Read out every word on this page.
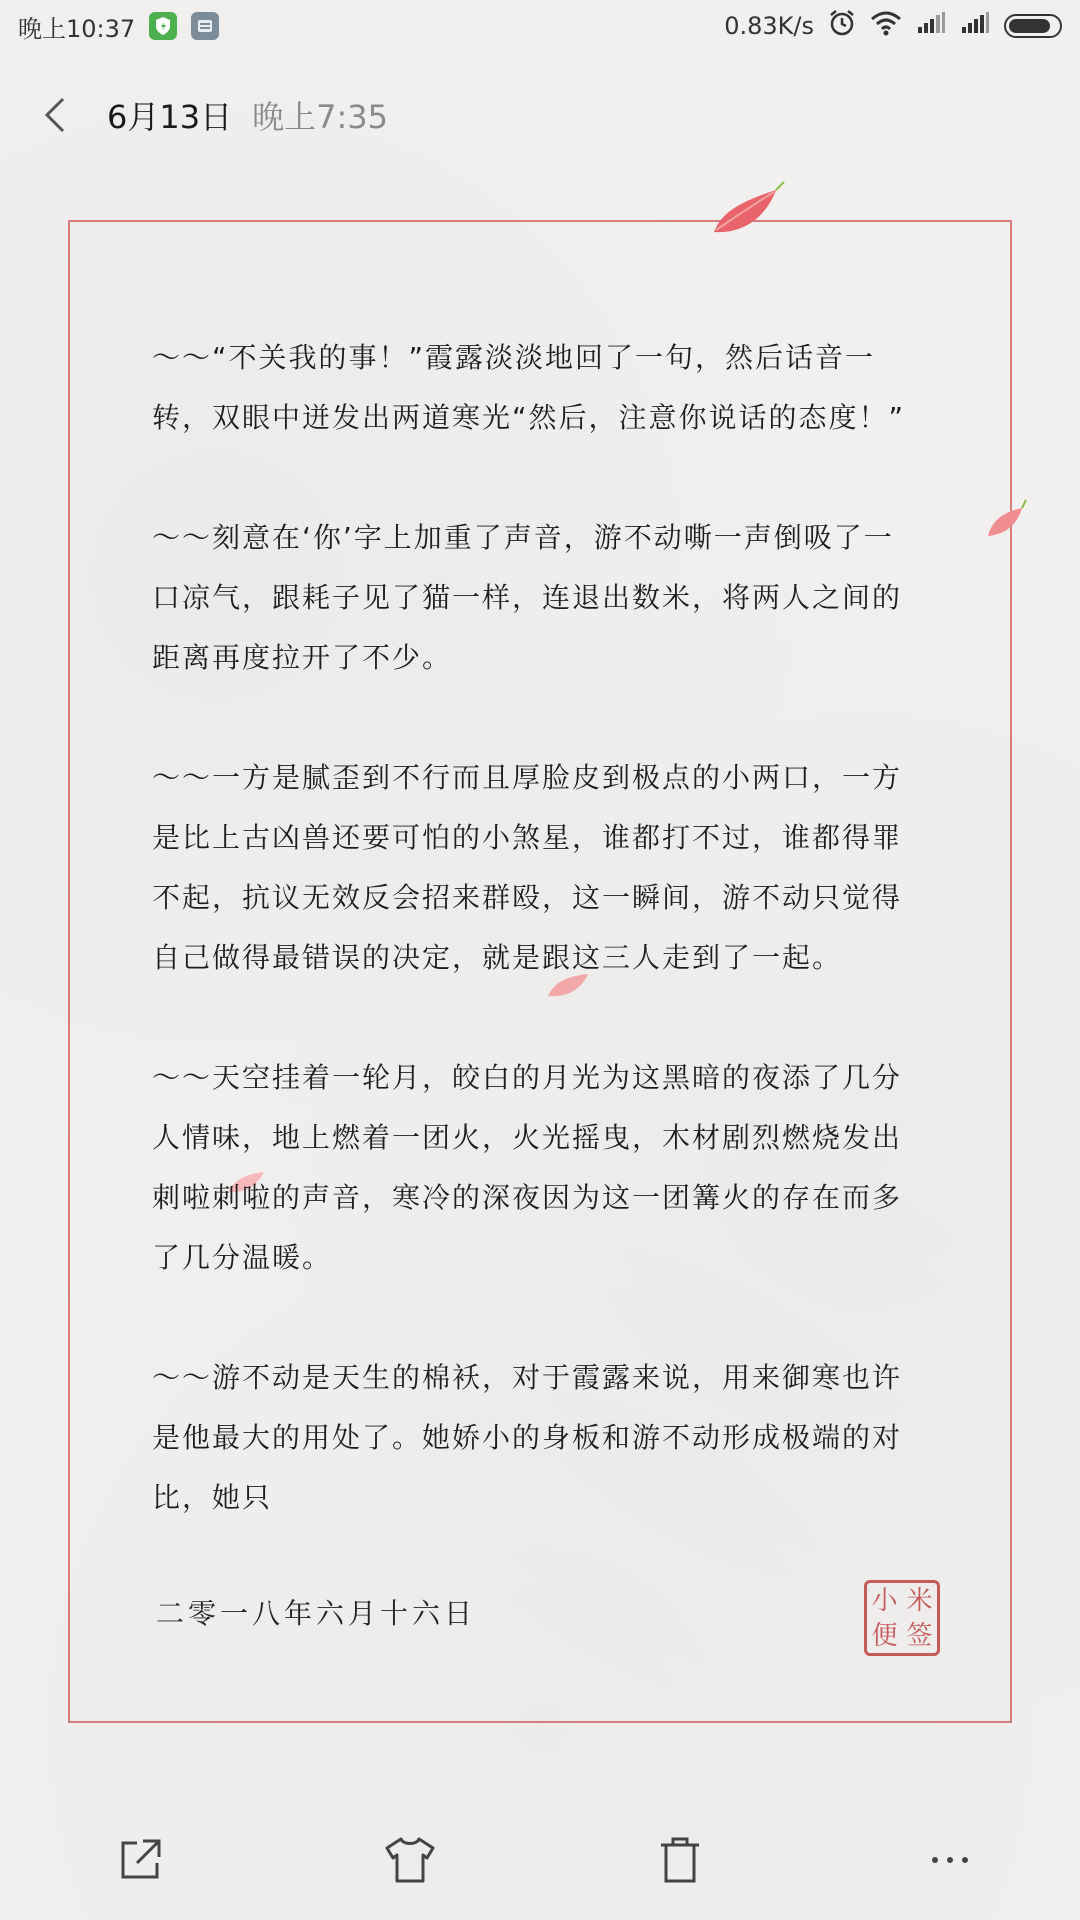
晚上10:37	0.83K/s
6月13日 晚上7:35

～～“不关我的事！”霞露淡淡地回了一句，然后话音一转，双眼中迸发出两道寒光“然后，注意你说话的态度！”

～～刻意在‘你’字上加重了声音，游不动嘶一声倒吸了一口凉气，跟耗子见了猫一样，连退出数米，将两人之间的距离再度拉开了不少。

～～一方是腻歪到不行而且厚脸皮到极点的小两口，一方是比上古凶兽还要可怕的小煞星，谁都打不过，谁都得罪不起，抗议无效反会招来群殴，这一瞬间，游不动只觉得自己做得最错误的决定，就是跟这三人走到了一起。

～～天空挂着一轮月，皎白的月光为这黑暗的夜添了几分人情味，地上燃着一团火，火光摇曳，木材剧烈燃烧发出刺啦刺啦的声音，寒冷的深夜因为这一团篝火的存在而多了几分温暖。

～～游不动是天生的棉袄，对于霞露来说，用来御寒也许是他最大的用处了。她娇小的身板和游不动形成极端的对比，她只

二零一八年六月十六日	小 米
便 签
